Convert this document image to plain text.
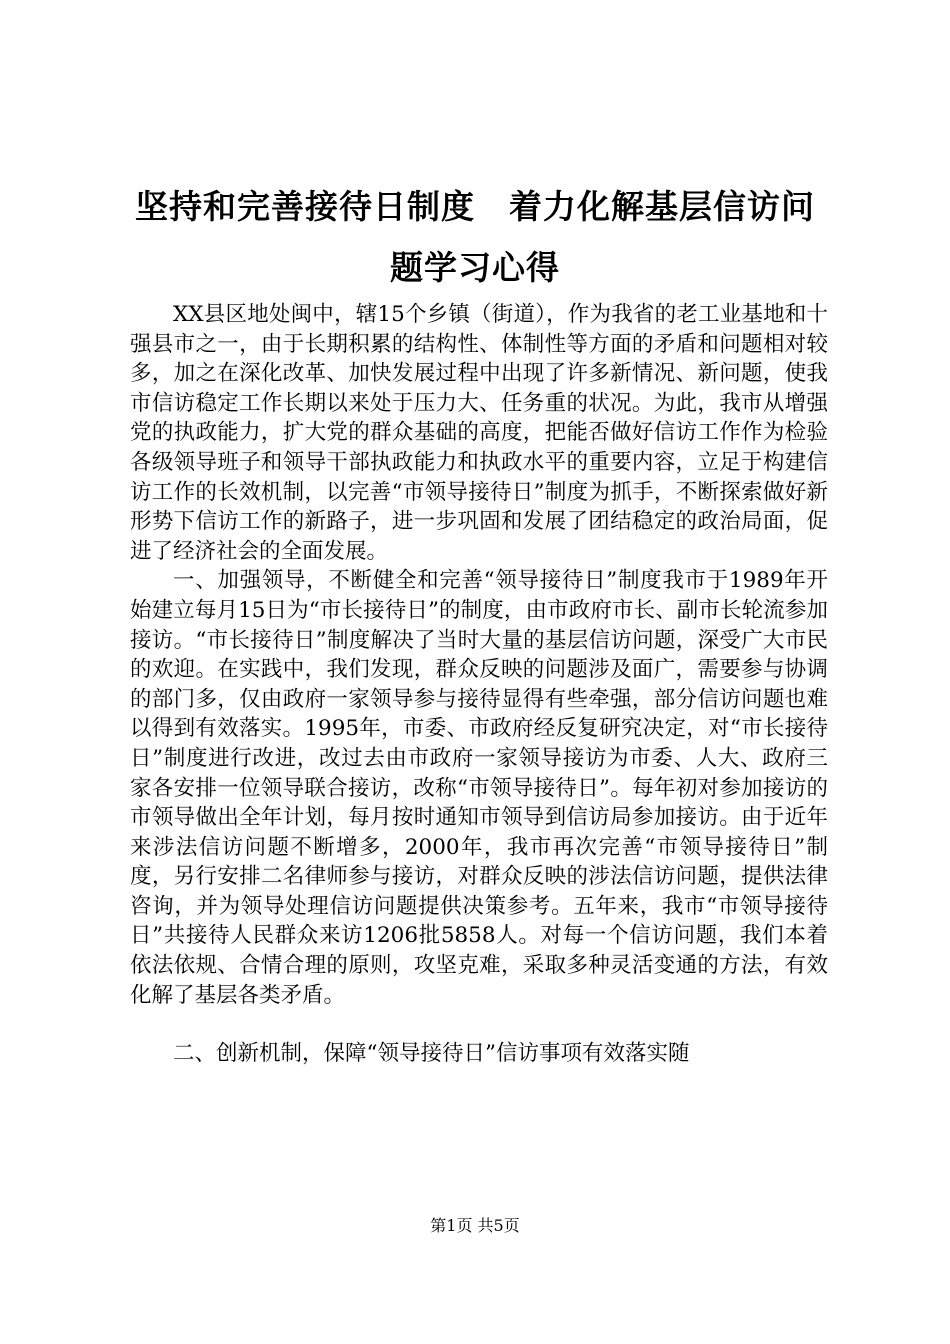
坚持和完善接待日制度　着力化解基层信访问
题学习心得

XX县区地处闽中，辖15个乡镇（街道），作为我省的老工业基地和十强县市之一，由于长期积累的结构性、体制性等方面的矛盾和问题相对较多，加之在深化改革、加快发展过程中出现了许多新情况、新问题，使我市信访稳定工作长期以来处于压力大、任务重的状况。为此，我市从增强党的执政能力，扩大党的群众基础的高度，把能否做好信访工作作为检验各级领导班子和领导干部执政能力和执政水平的重要内容，立足于构建信访工作的长效机制，以完善“市领导接待日”制度为抓手，不断探索做好新形势下信访工作的新路子，进一步巩固和发展了团结稳定的政治局面，促进了经济社会的全面发展。

一、加强领导，不断健全和完善“领导接待日”制度我市于1989年开始建立每月15日为“市长接待日”的制度，由市政府市长、副市长轮流参加接访。“市长接待日”制度解决了当时大量的基层信访问题，深受广大市民的欢迎。在实践中，我们发现，群众反映的问题涉及面广，需要参与协调的部门多，仅由政府一家领导参与接待显得有些牵强，部分信访问题也难以得到有效落实。1995年，市委、市政府经反复研究决定，对“市长接待日”制度进行改进，改过去由市政府一家领导接访为市委、人大、政府三家各安排一位领导联合接访，改称“市领导接待日”。每年初对参加接访的市领导做出全年计划，每月按时通知市领导到信访局参加接访。由于近年来涉法信访问题不断增多，2000年，我市再次完善“市领导接待日”制度，另行安排二名律师参与接访，对群众反映的涉法信访问题，提供法律咨询，并为领导处理信访问题提供决策参考。五年来，我市“市领导接待日”共接待人民群众来访1206批5858人。对每一个信访问题，我们本着依法依规、合情合理的原则，攻坚克难，采取多种灵活变通的方法，有效化解了基层各类矛盾。

二、创新机制，保障“领导接待日”信访事项有效落实随

第1页 共5页
